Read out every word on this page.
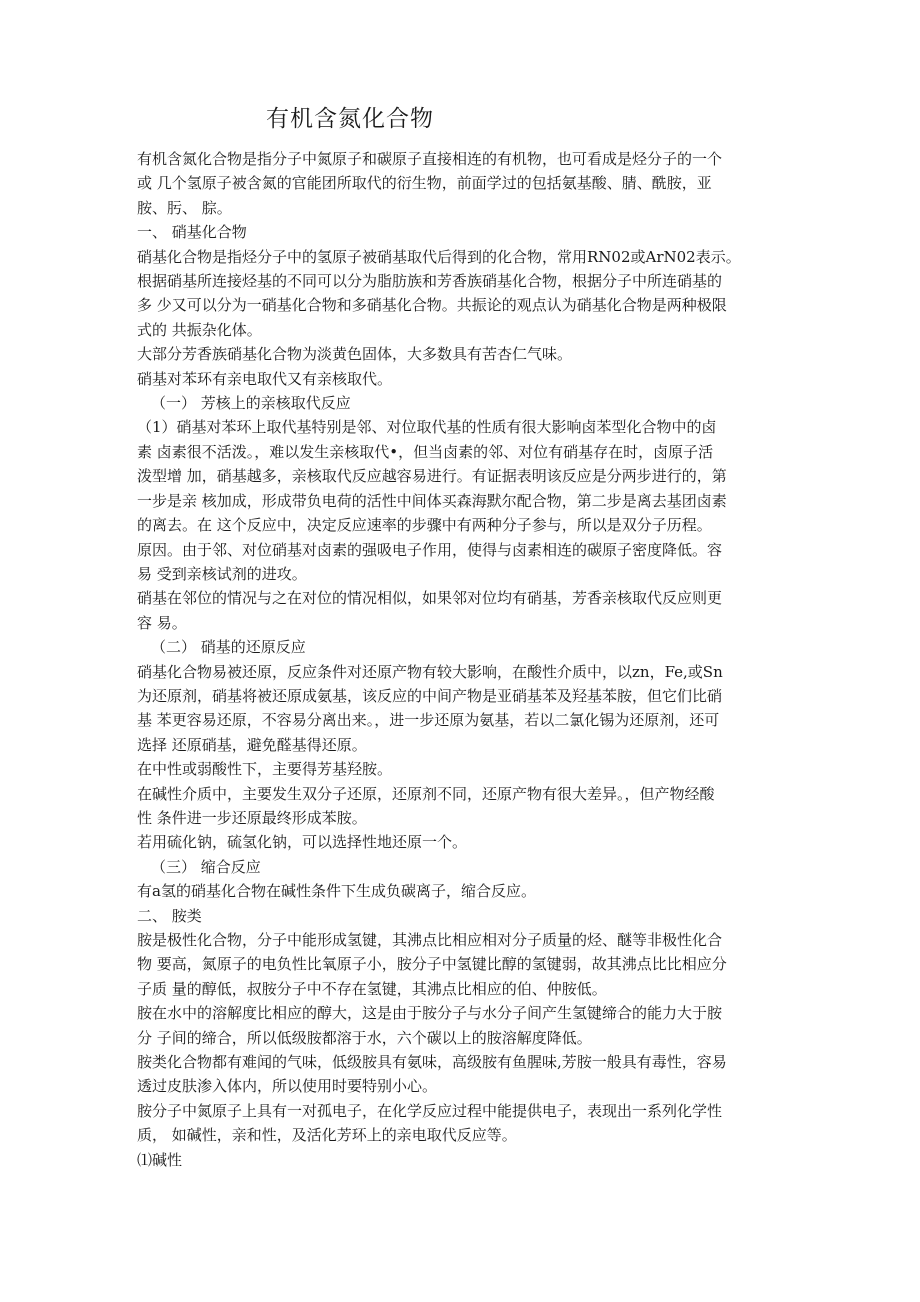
有机含氮化合物
有机含氮化合物是指分子中氮原子和碳原子直接相连的有机物，也可看成是烃分子的一个
或 几个氢原子被含氮的官能团所取代的衍生物，前面学过的包括氨基酸、腈、酰胺，亚
胺、肟、 腙。
一、 硝基化合物
硝基化合物是指烃分子中的氢原子被硝基取代后得到的化合物，常用RN02或ArN02表示。
根据硝基所连接烃基的不同可以分为脂肪族和芳香族硝基化合物，根据分子中所连硝基的
多 少又可以分为一硝基化合物和多硝基化合物。共振论的观点认为硝基化合物是两种极限
式的 共振杂化体。
大部分芳香族硝基化合物为淡黄色固体，大多数具有苦杏仁气味。
硝基对苯环有亲电取代又有亲核取代。
（一） 芳核上的亲核取代反应
（1）硝基对苯环上取代基特别是邻、对位取代基的性质有很大影响卤苯型化合物中的卤
素 卤素很不活泼。，难以发生亲核取代•，但当卤素的邻、对位有硝基存在时，卤原子活
泼型增 加，硝基越多，亲核取代反应越容易进行。有证据表明该反应是分两步进行的，第
一步是亲 核加成，形成带负电荷的活性中间体买森海默尔配合物，第二步是离去基团卤素
的离去。在 这个反应中，决定反应速率的步骤中有两种分子参与，所以是双分子历程。
原因。由于邻、对位硝基对卤素的强吸电子作用，使得与卤素相连的碳原子密度降低。容
易 受到亲核试剂的进攻。
硝基在邻位的情况与之在对位的情况相似，如果邻对位均有硝基，芳香亲核取代反应则更
容 易。
（二） 硝基的还原反应
硝基化合物易被还原，反应条件对还原产物有较大影响，在酸性介质中，以zn，Fe,或Sn
为还原剂，硝基将被还原成氨基，该反应的中间产物是亚硝基苯及羟基苯胺，但它们比硝
基 苯更容易还原，不容易分离出来。，进一步还原为氨基，若以二氯化锡为还原剂，还可
选择 还原硝基，避免醛基得还原。
在中性或弱酸性下，主要得芳基羟胺。
在碱性介质中，主要发生双分子还原，还原剂不同，还原产物有很大差异。，但产物经酸
性 条件进一步还原最终形成苯胺。
若用硫化钠，硫氢化钠，可以选择性地还原一个。
（三） 缩合反应
有a氢的硝基化合物在碱性条件下生成负碳离子，缩合反应。
二、 胺类
胺是极性化合物，分子中能形成氢键，其沸点比相应相对分子质量的烃、醚等非极性化合
物 要高，氮原子的电负性比氧原子小，胺分子中氢键比醇的氢键弱，故其沸点比比相应分
子质 量的醇低，叔胺分子中不存在氢键，其沸点比相应的伯、仲胺低。
胺在水中的溶解度比相应的醇大，这是由于胺分子与水分子间产生氢键缔合的能力大于胺
分 子间的缔合，所以低级胺都溶于水，六个碳以上的胺溶解度降低。
胺类化合物都有难闻的气味，低级胺具有氨味，高级胺有鱼腥味,芳胺一般具有毒性，容易
透过皮肤渗入体内，所以使用时要特别小心。
胺分子中氮原子上具有一对孤电子，在化学反应过程中能提供电子，表现出一系列化学性
质， 如碱性，亲和性，及活化芳环上的亲电取代反应等。
⑴碱性
